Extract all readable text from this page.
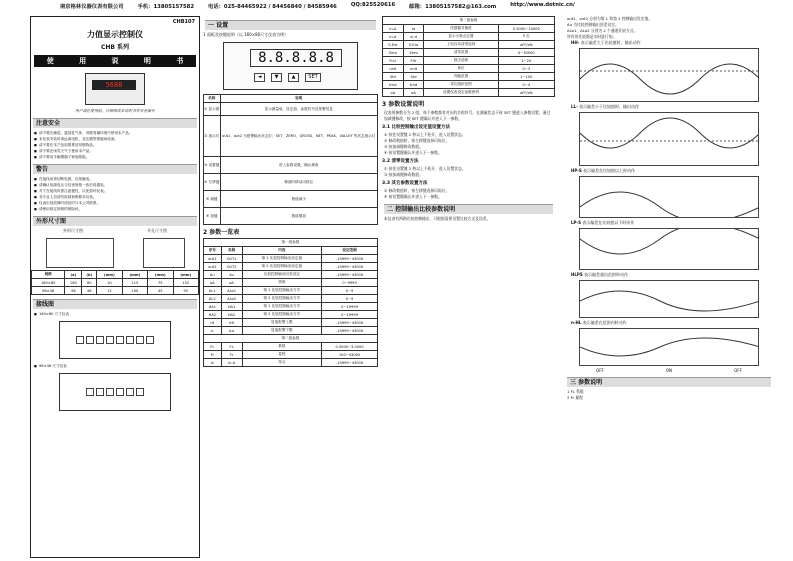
南京格林仪器仪表有限公司	手机：13805157582	电话：025-84465922 / 84456840 / 84585946	QQ:825520616	邮箱：13805157582@163.com	http://www.dotnic.cn/
CHB107
力值显示控制仪
CHB 系列
使	用	说	明	书
5688
用户请在使用前，仔细阅读本说明书并妥善保存
注意安全
■ 请不要在潮湿、腐蚀性气体、易燃易爆环境中使用本产品。
■ 本仪表安装时请远离电机、变压器等强磁场设备。
■ 请不要在本产品周围堆放易燃物品。
■ 请不要在雨雪天气下使用本产品。
■ 请不要用手触摸端子和电路板。
警告
■ 在接线前请切断电源，以免触电。
■ 请确认电源电压与仪表规格一致后再通电。
■ 对于在接线时需注意极性，以免损坏仪表。
■ 非专业人员请勿拆卸和维修本仪表。
■ 仪表出现故障时请及时与本公司联系。
■ 请使用规定规格的保险丝。
外形尺寸图
外形尺寸图	开孔尺寸图
规格	(a)	(b)	(mm)	(mm)	(mm)	(mm)
160×80	160	80	10	115	75	152
96×48	96	48	12	100	45	92
接线图
■ 160×80 尺寸仪表
■ 96×48 尺寸仪表
一 设置
1 面板及按键说明（以 160×80尺寸仪表为例）
8.8.8.8.8
◄	▼	▲	SET
名称	说明
① 显示窗	显示测量值、设定值、参数符号及报警信息
② 指示灯	out1、out2 为报警输出状态灯；SET、ZERO、GROSS、NET、PEAK、VALLEY 等状态指示灯
③ 设置键	进入参数设置，确认修改
④ 左移键	修改时移动闪烁位
⑤ 减键	数值减小
⑥ 加键	数值增加
2 参数一览表
第一组参数			
序号	名称	内容	设定范围
out1	OUT1	第 1 比较控制输出设定值	-19999~43000
out2	OUT2	第 2 比较控制输出设定值	-19999~43000
Au	Au	比较控制输出回差设定	-19999~43000
oA	oA	密码	0~9999
AL1	ALo1	第 1 比较控制输出方式	0~9
AL2	ALo2	第 2 比较控制输出方式	0~9
HA1	HA1	第 1 比较控制输出方式	0~19999
HA2	HA2	第 2 比较控制输出方式	0~19999
rH	rHI	显值报警上限	-19999~43000
rL	rLo	显值报警下限	-19999~43000
第二组参数			
FL	FL	系数	0.5000~3.0000
Fr	Fr	量程	100~43000
in	in-b	零点	-19999~43000
第二组参数			
in-A	ra	传感器灵敏度	0.5000~10000
in-d	in-d	显示小数点位置	5 位
S.Ero	S.Ero	上电自动清零选择	oFF/oN
Zero	Zero	清零范围	0~30000
FLtr	Fltr	数字滤波	1~20
unit	unit	单位	0~3
Std	Std	判稳范围	1~100
trnd	trnd	零位跟踪范围	0~4
oA	oA	设置仪表设定参数密码	oFF/oN
3 参数设置说明
仪表的参数分为 2 组，每个参数都有对应的名称符号。在测量状态下按 SET 键进入参数设置，通过加减键修改，按 SET 键确认并进入下一参数。
3.1 比较控制输出设定值设置方法
① 按住设置键 2 秒以上不松开，进入设置状态。
② 修改数值时，按左移键选择闪烁位。
③ 按加减键修改数值。
④ 按设置键确认并进入下一参数。
3.2 清零设置方法
① 按住设置键 2 秒以上不松开，进入设置状态。
③ 按加减键修改数值。
3.3 其它参数设置方法
② 修改数值时，按左移键选择闪烁位。
④ 按设置键确认并进入下一参数。
二 控制输出比较参数说明
本仪表有两路比较控制输出，可根据需要设置比较方式及回差。
out1、out2 分别为第 1 和第 2 控制输出设定值。
Au 为比较控制输出回差设定。
ALo1、ALo2 分别为 2 个通道比较方式。
所有的比较都是实时进行的。
HH- 表示偏差大于比较值时，输出动作
LL- 表示偏差小于比较值时，输出动作
HP-S 表示偏差在比较值以上时动作
LP-S 表示偏差在比较值以下时动作
HLPS 表示偏差超出范围时动作
n-HL 表示偏差在范围内时动作
OFF	ON	OFF
三 参数说明
1 FL 系数
2 Fr 量程
